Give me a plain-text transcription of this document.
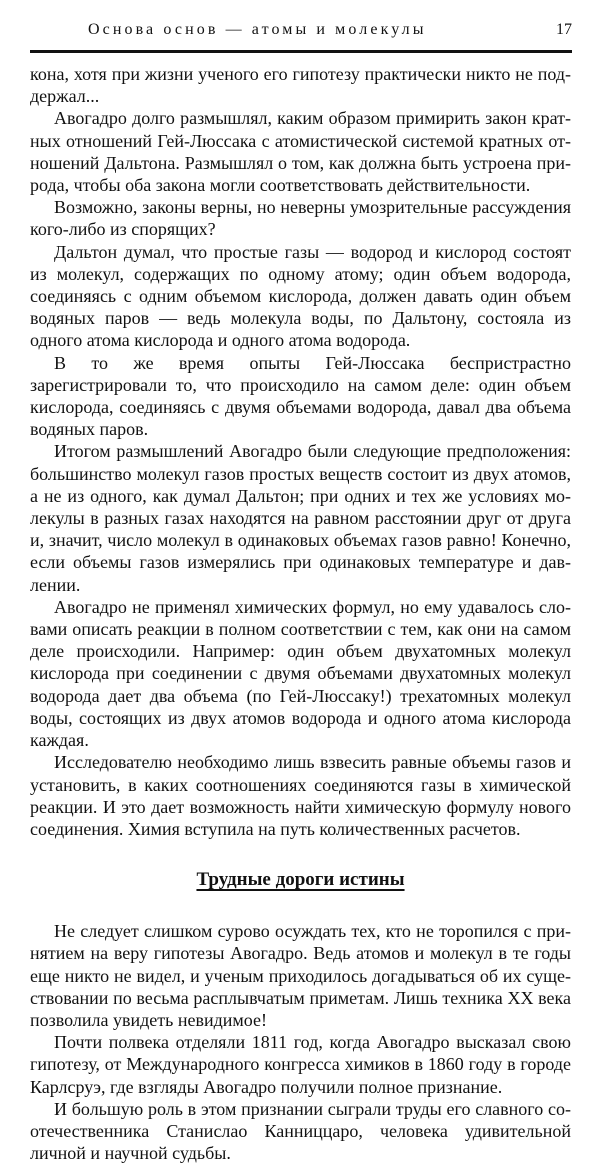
Основа основ — атомы и молекулы	17

кона, хотя при жизни ученого его гипотезу практически никто не поддержал...

Авогадро долго размышлял, каким образом примирить закон кратных отношений Гей-Люссака с атомистической системой кратных отношений Дальтона. Размышлял о том, как должна быть устроена природа, чтобы оба закона могли соответствовать действительности.

Возможно, законы верны, но неверны умозрительные рассуждения кого-либо из спорящих?

Дальтон думал, что простые газы — водород и кислород состоят из молекул, содержащих по одному атому; один объем водорода, соединяясь с одним объемом кислорода, должен давать один объем водяных паров — ведь молекула воды, по Дальтону, состояла из одного атома кислорода и одного атома водорода.

В то же время опыты Гей-Люссака беспристрастно зарегистрировали то, что происходило на самом деле: один объем кислорода, соединяясь с двумя объемами водорода, давал два объема водяных паров.

Итогом размышлений Авогадро были следующие предположения: большинство молекул газов простых веществ состоит из двух атомов, а не из одного, как думал Дальтон; при одних и тех же условиях молекулы в разных газах находятся на равном расстоянии друг от друга и, значит, число молекул в одинаковых объемах газов равно! Конечно, если объемы газов измерялись при одинаковых температуре и давлении.

Авогадро не применял химических формул, но ему удавалось словами описать реакции в полном соответствии с тем, как они на самом деле происходили. Например: один объем двухатомных молекул кислорода при соединении с двумя объемами двухатомных молекул водорода дает два объема (по Гей-Люссаку!) трехатомных молекул воды, состоящих из двух атомов водорода и одного атома кислорода каждая.

Исследователю необходимо лишь взвесить равные объемы газов и установить, в каких соотношениях соединяются газы в химической реакции. И это дает возможность найти химическую формулу нового соединения. Химия вступила на путь количественных расчетов.

Трудные дороги истины

Не следует слишком сурово осуждать тех, кто не торопился с принятием на веру гипотезы Авогадро. Ведь атомов и молекул в те годы еще никто не видел, и ученым приходилось догадываться об их существовании по весьма расплывчатым приметам. Лишь техника XX века позволила увидеть невидимое!

Почти полвека отделяли 1811 год, когда Авогадро высказал свою гипотезу, от Международного конгресса химиков в 1860 году в городе Карлсруэ, где взгляды Авогадро получили полное признание.

И большую роль в этом признании сыграли труды его славного соотечественника Станислао Канниццаро, человека удивительной личной и научной судьбы.
